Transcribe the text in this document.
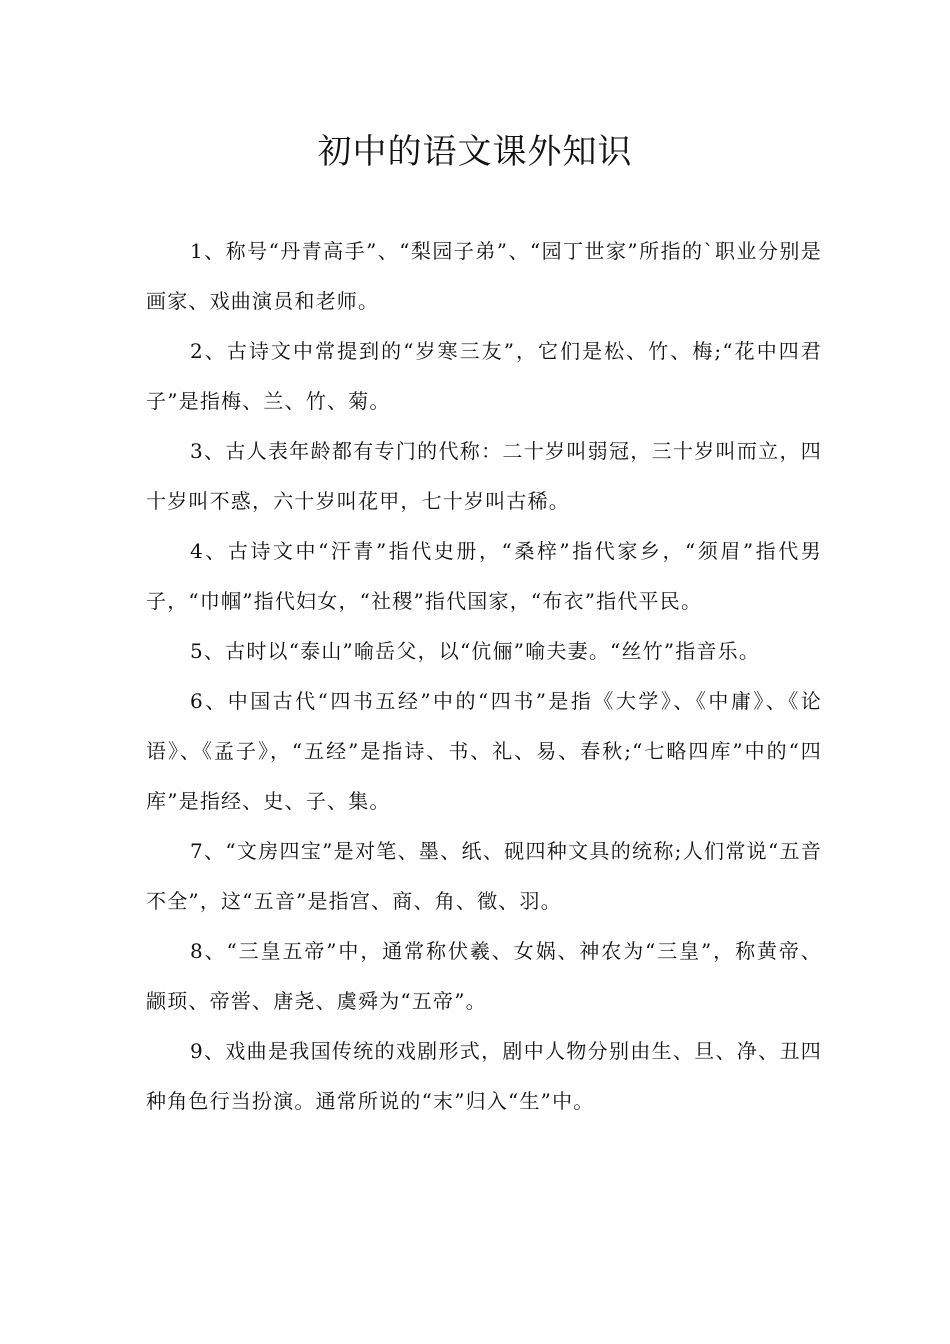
初中的语文课外知识

1、称号“丹青高手”、“梨园子弟”、“园丁世家”所指的`职业分别是画家、戏曲演员和老师。

2、古诗文中常提到的“岁寒三友”，它们是松、竹、梅;“花中四君子”是指梅、兰、竹、菊。

3、古人表年龄都有专门的代称：二十岁叫弱冠，三十岁叫而立，四十岁叫不惑，六十岁叫花甲，七十岁叫古稀。

4、古诗文中“汗青”指代史册，“桑梓”指代家乡，“须眉”指代男子，“巾帼”指代妇女，“社稷”指代国家，“布衣”指代平民。

5、古时以“泰山”喻岳父，以“伉俪”喻夫妻。“丝竹”指音乐。

6、中国古代“四书五经”中的“四书”是指《大学》、《中庸》、《论语》、《孟子》，“五经”是指诗、书、礼、易、春秋;“七略四库”中的“四库”是指经、史、子、集。

7、“文房四宝”是对笔、墨、纸、砚四种文具的统称;人们常说“五音不全”，这“五音”是指宫、商、角、徵、羽。

8、“三皇五帝”中，通常称伏羲、女娲、神农为“三皇”，称黄帝、颛顼、帝喾、唐尧、虞舜为“五帝”。

9、戏曲是我国传统的戏剧形式，剧中人物分别由生、旦、净、丑四种角色行当扮演。通常所说的“末”归入“生”中。
